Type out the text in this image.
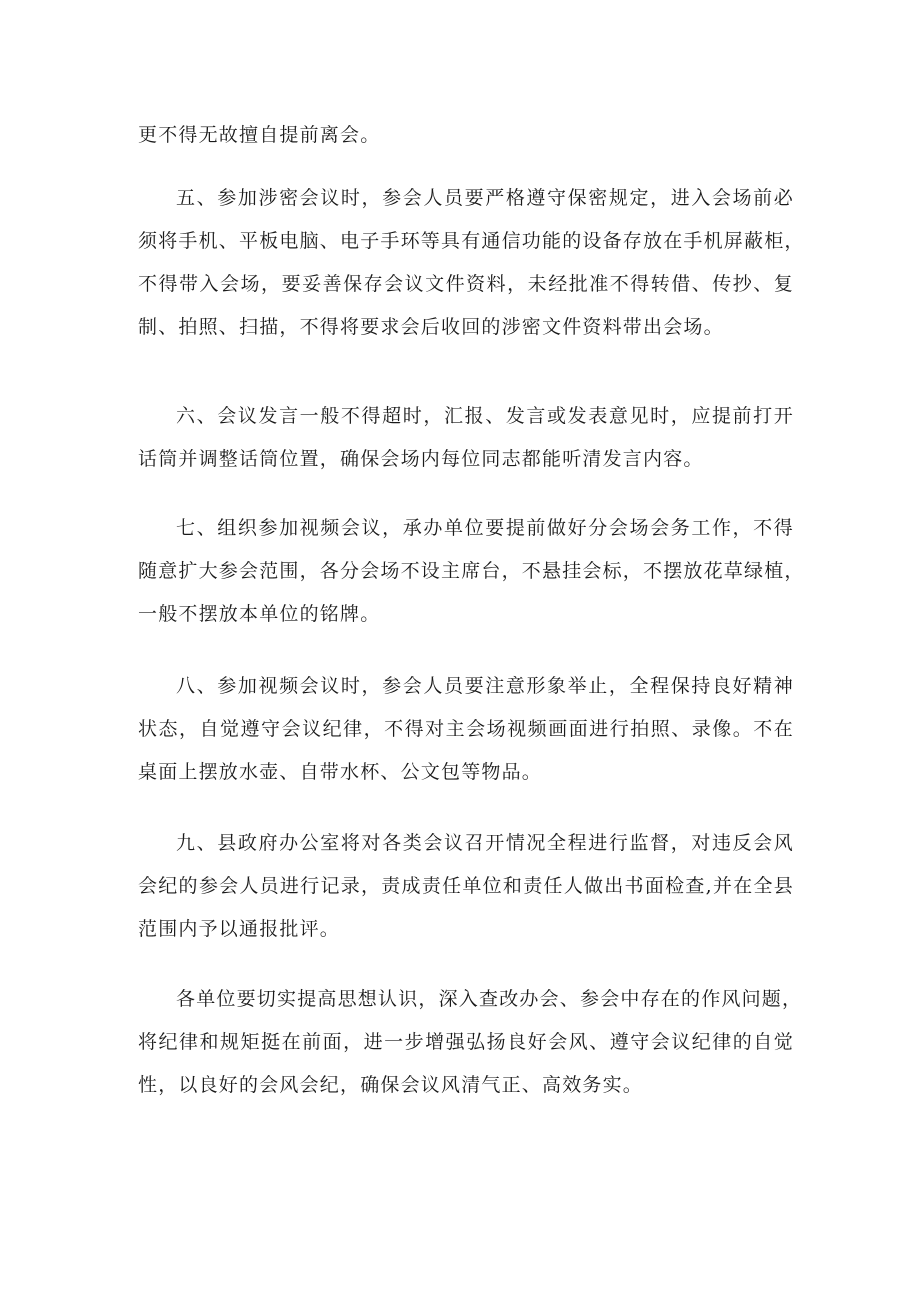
更不得无故擅自提前离会。
五、参加涉密会议时，参会人员要严格遵守保密规定，进入会场前必
须将手机、平板电脑、电子手环等具有通信功能的设备存放在手机屏蔽柜，
不得带入会场，要妥善保存会议文件资料，未经批准不得转借、传抄、复
制、拍照、扫描，不得将要求会后收回的涉密文件资料带出会场。
六、会议发言一般不得超时，汇报、发言或发表意见时，应提前打开
话筒并调整话筒位置，确保会场内每位同志都能听清发言内容。
七、组织参加视频会议，承办单位要提前做好分会场会务工作，不得
随意扩大参会范围，各分会场不设主席台，不悬挂会标，不摆放花草绿植，
一般不摆放本单位的铭牌。
八、参加视频会议时，参会人员要注意形象举止，全程保持良好精神
状态，自觉遵守会议纪律，不得对主会场视频画面进行拍照、录像。不在
桌面上摆放水壶、自带水杯、公文包等物品。
九、县政府办公室将对各类会议召开情况全程进行监督，对违反会风
会纪的参会人员进行记录，责成责任单位和责任人做出书面检查,并在全县
范围内予以通报批评。
各单位要切实提高思想认识，深入查改办会、参会中存在的作风问题，
将纪律和规矩挺在前面，进一步增强弘扬良好会风、遵守会议纪律的自觉
性，以良好的会风会纪，确保会议风清气正、高效务实。
